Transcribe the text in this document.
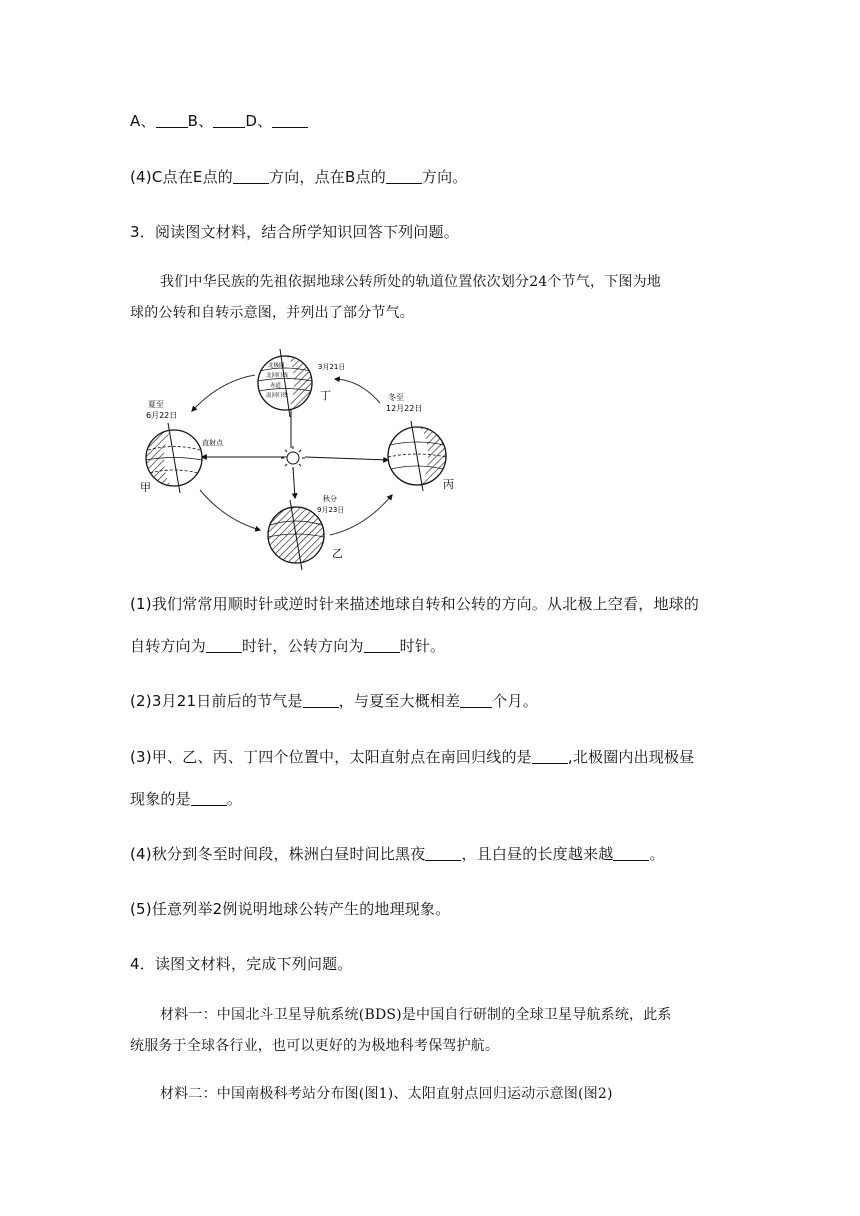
A、 B、 D、
(4)C点在E点的 方向，点在B点的 方向。
3．阅读图文材料，结合所学知识回答下列问题。
我们中华民族的先祖依据地球公转所处的轨道位置依次划分24个节气，下图为地
球的公转和自转示意图，并列出了部分节气。
甲
夏至
6月22日
直射点
北极圈
北回归线
赤道
南回归线
3月21日
丁	冬至
12月22日
丙
秋分
9月23日
乙
(1)我们常常用顺时针或逆时针来描述地球自转和公转的方向。从北极上空看，地球的
自转方向为 时针，公转方向为 时针。
(2)3月21日前后的节气是 ，与夏至大概相差 个月。
(3)甲、乙、丙、丁四个位置中，太阳直射点在南回归线的是 ,北极圈内出现极昼
现象的是 。
(4)秋分到冬至时间段，株洲白昼时间比黑夜 ，且白昼的长度越来越 。
(5)任意列举2例说明地球公转产生的地理现象。
4．读图文材料，完成下列问题。
材料一：中国北斗卫星导航系统(BDS)是中国自行研制的全球卫星导航系统，此系
统服务于全球各行业，也可以更好的为极地科考保驾护航。
材料二：中国南极科考站分布图(图1)、太阳直射点回归运动示意图(图2)
